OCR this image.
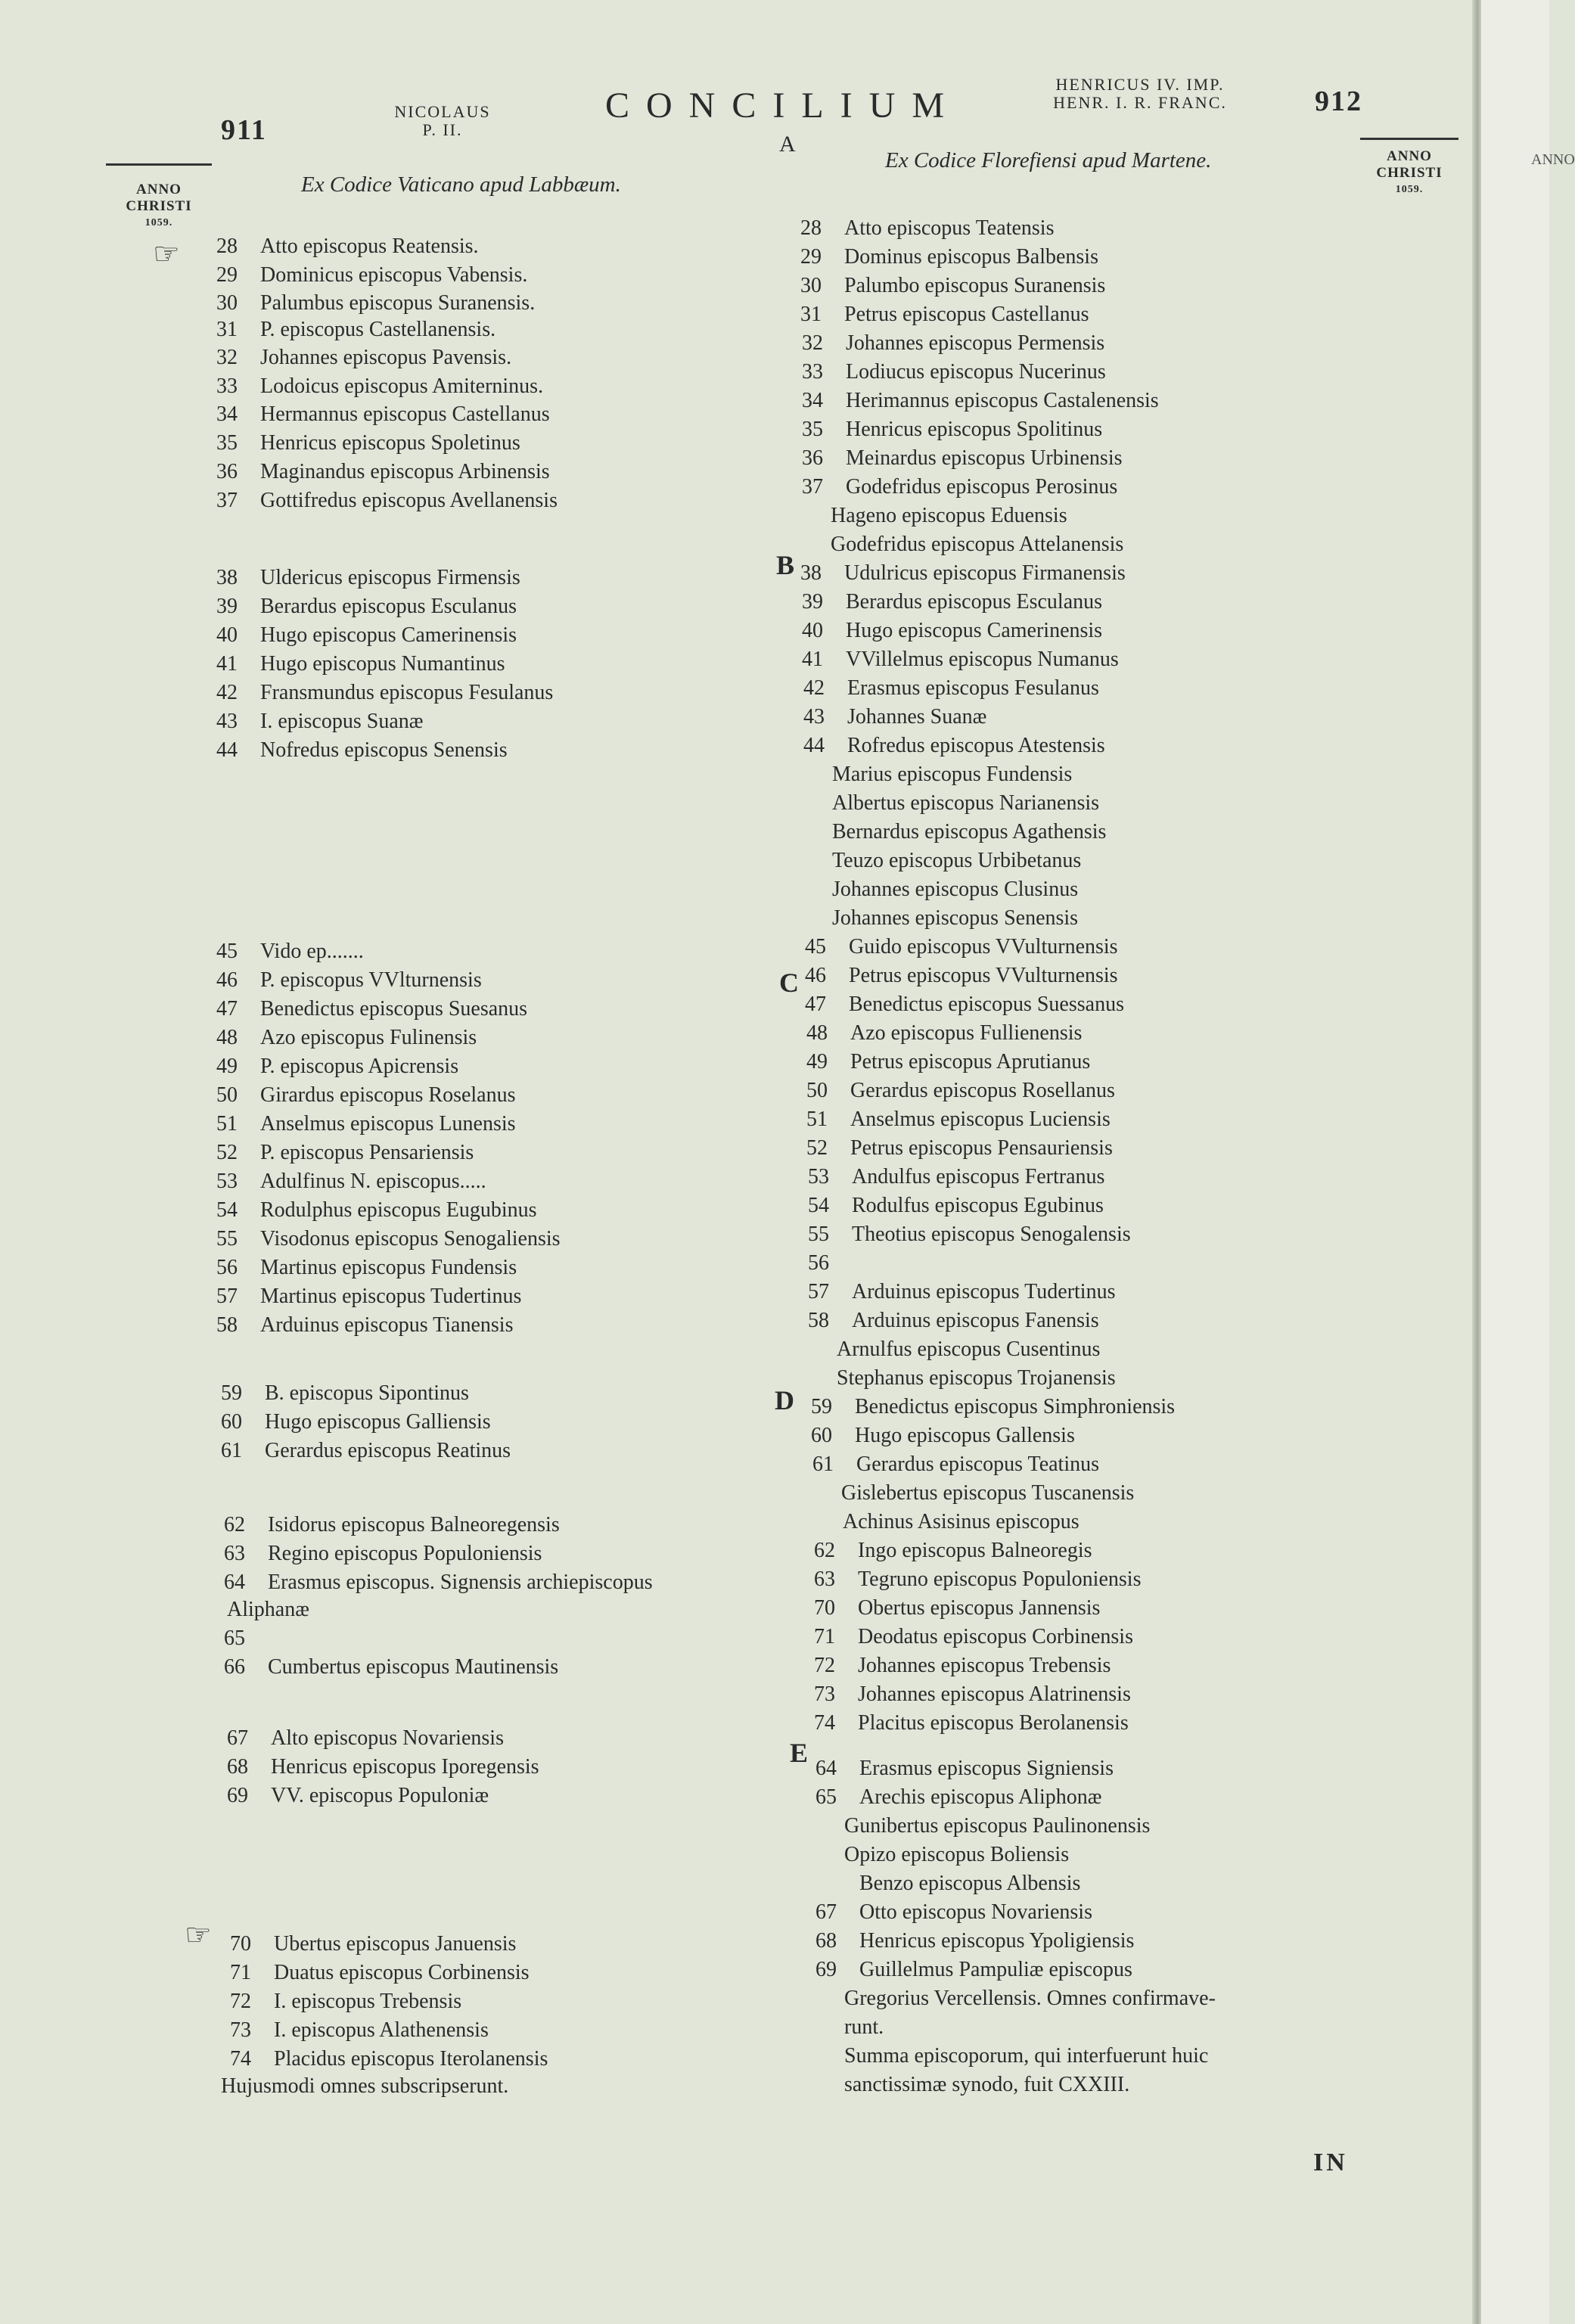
911
NICOLAUS
P. II.
CONCILIUM
A
HENRICUS IV. IMP.
HENR. I. R. FRANC.	912
ANNO
CHRISTI
1059.
ANNO
CHRISTI
1059.
Ex Codice Vaticano apud Labbæum.
Ex Codice Florefiensi apud Martene.
☞
☞
B
C
D
E
28	Atto episcopus Reatensis.
29	Dominicus episcopus Vabensis.
30	Palumbus episcopus Suranensis.
31	P. episcopus Castellanensis.
32	Johannes episcopus Pavensis.
33	Lodoicus episcopus Amiterninus.
34	Hermannus episcopus Castellanus
35	Henricus episcopus Spoletinus
36	Maginandus episcopus Arbinensis
37	Gottifredus episcopus Avellanensis
38	Uldericus episcopus Firmensis
39	Berardus episcopus Esculanus
40	Hugo episcopus Camerinensis
41	Hugo episcopus Numantinus
42	Fransmundus episcopus Fesulanus
43	I. episcopus Suanæ
44	Nofredus episcopus Senensis
45	Vido ep.......
46	P. episcopus VVlturnensis
47	Benedictus episcopus Suesanus
48	Azo episcopus Fulinensis
49	P. episcopus Apicrensis
50	Girardus episcopus Roselanus
51	Anselmus episcopus Lunensis
52	P. episcopus Pensariensis
53	Adulfinus N. episcopus.....
54	Rodulphus episcopus Eugubinus
55	Visodonus episcopus Senogaliensis
56	Martinus episcopus Fundensis
57	Martinus episcopus Tudertinus
58	Arduinus episcopus Tianensis
59	B. episcopus Sipontinus
60	Hugo episcopus Galliensis
61	Gerardus episcopus Reatinus
62	Isidorus episcopus Balneoregensis
63	Regino episcopus Populoniensis
64	Erasmus episcopus. Signensis archiepiscopus
Aliphanæ
65
66	Cumbertus episcopus Mautinensis
67	Alto episcopus Novariensis
68	Henricus episcopus Iporegensis
69	VV. episcopus Populoniæ
70	Ubertus episcopus Januensis
71	Duatus episcopus Corbinensis
72	I. episcopus Trebensis
73	I. episcopus Alathenensis
74	Placidus episcopus Iterolanensis
Hujusmodi omnes subscripserunt.
28	Atto episcopus Teatensis
29	Dominus episcopus Balbensis
30	Palumbo episcopus Suranensis
31	Petrus episcopus Castellanus
32	Johannes episcopus Permensis
33	Lodiucus episcopus Nucerinus
34	Herimannus episcopus Castalenensis
35	Henricus episcopus Spolitinus
36	Meinardus episcopus Urbinensis
37	Godefridus episcopus Perosinus
Hageno episcopus Eduensis
Godefridus episcopus Attelanensis
38	Udulricus episcopus Firmanensis
39	Berardus episcopus Esculanus
40	Hugo episcopus Camerinensis
41	VVillelmus episcopus Numanus
42	Erasmus episcopus Fesulanus
43	Johannes Suanæ
44	Rofredus episcopus Atestensis
Marius episcopus Fundensis
Albertus episcopus Narianensis
Bernardus episcopus Agathensis
Teuzo episcopus Urbibetanus
Johannes episcopus Clusinus
Johannes episcopus Senensis
45	Guido episcopus VVulturnensis
46	Petrus episcopus VVulturnensis
47	Benedictus episcopus Suessanus
48	Azo episcopus Fullienensis
49	Petrus episcopus Aprutianus
50	Gerardus episcopus Rosellanus
51	Anselmus episcopus Luciensis
52	Petrus episcopus Pensauriensis
53	Andulfus episcopus Fertranus
54	Rodulfus episcopus Egubinus
55	Theotius episcopus Senogalensis
56
57	Arduinus episcopus Tudertinus
58	Arduinus episcopus Fanensis
Arnulfus episcopus Cusentinus
Stephanus episcopus Trojanensis
59	Benedictus episcopus Simphroniensis
60	Hugo episcopus Gallensis
61	Gerardus episcopus Teatinus
Gislebertus episcopus Tuscanensis
Achinus Asisinus episcopus
62	Ingo episcopus Balneoregis
63	Tegruno episcopus Populoniensis
70	Obertus episcopus Jannensis
71	Deodatus episcopus Corbinensis
72	Johannes episcopus Trebensis
73	Johannes episcopus Alatrinensis
74	Placitus episcopus Berolanensis
64	Erasmus episcopus Signiensis
65	Arechis episcopus Aliphonæ
Gunibertus episcopus Paulinonensis
Opizo episcopus Boliensis
Benzo episcopus Albensis
67	Otto episcopus Novariensis
68	Henricus episcopus Ypoligiensis
69	Guillelmus Pampuliæ episcopus
Gregorius Vercellensis. Omnes confirmave-
runt.
Summa episcoporum, qui interfuerunt huic
sanctissimæ synodo, fuit CXXIII.
IN
ANNO
